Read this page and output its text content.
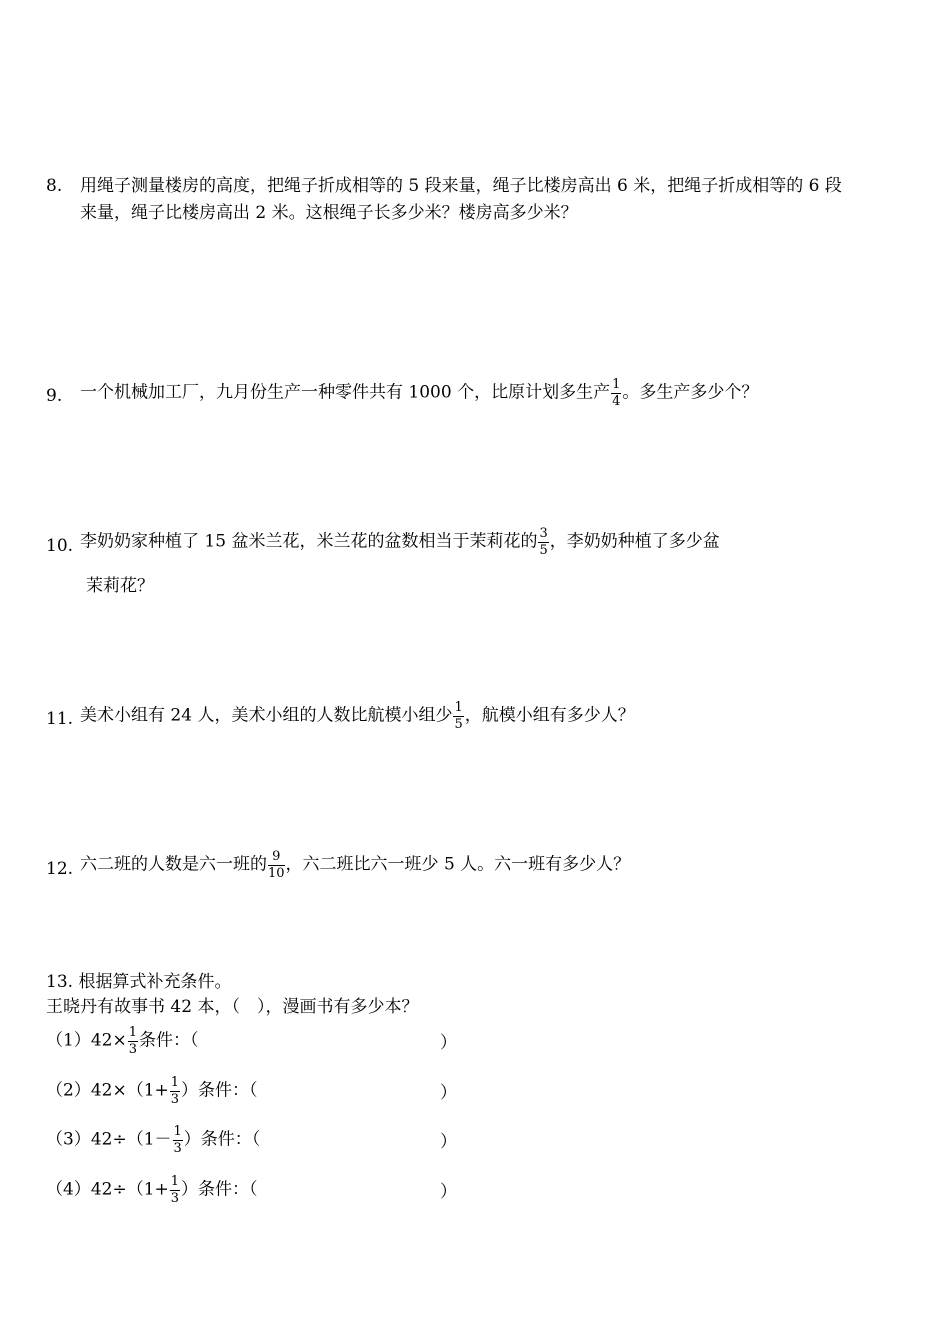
8. 用绳子测量楼房的高度，把绳子折成相等的 5 段来量，绳子比楼房高出 6 米，把绳子折成相等的 6 段
来量，绳子比楼房高出 2 米。这根绳子长多少米？楼房高多少米？
9. 一个机械加工厂，九月份生产一种零件共有 1000 个，比原计划多生产 $\frac{1}{4}$ 。多生产多少个？
10. 李奶奶家种植了 15 盆米兰花，米兰花的盆数相当于茉莉花的 $\frac{3}{5}$ ，李奶奶种植了多少盆
茉莉花？
11. 美术小组有 24 人，美术小组的人数比航模小组少 $\frac{1}{5}$ ，航模小组有多少人？
12. 六二班的人数是六一班的 $\frac{9}{10}$ ，六二班比六一班少 5 人。六一班有多少人？
13. 根据算式补充条件。
王晓丹有故事书 42 本，（　），漫画书有多少本？
$(1)42\times \frac{1}{3}$ 条件：（	）
$(2)42\times(1+ \frac{1}{3}$ ）条件：（	）
$(3)42\div(1- \frac{1}{3}$ ）条件：（	）
$(4)42\div(1+ \frac{1}{3}$ ）条件：（	）
